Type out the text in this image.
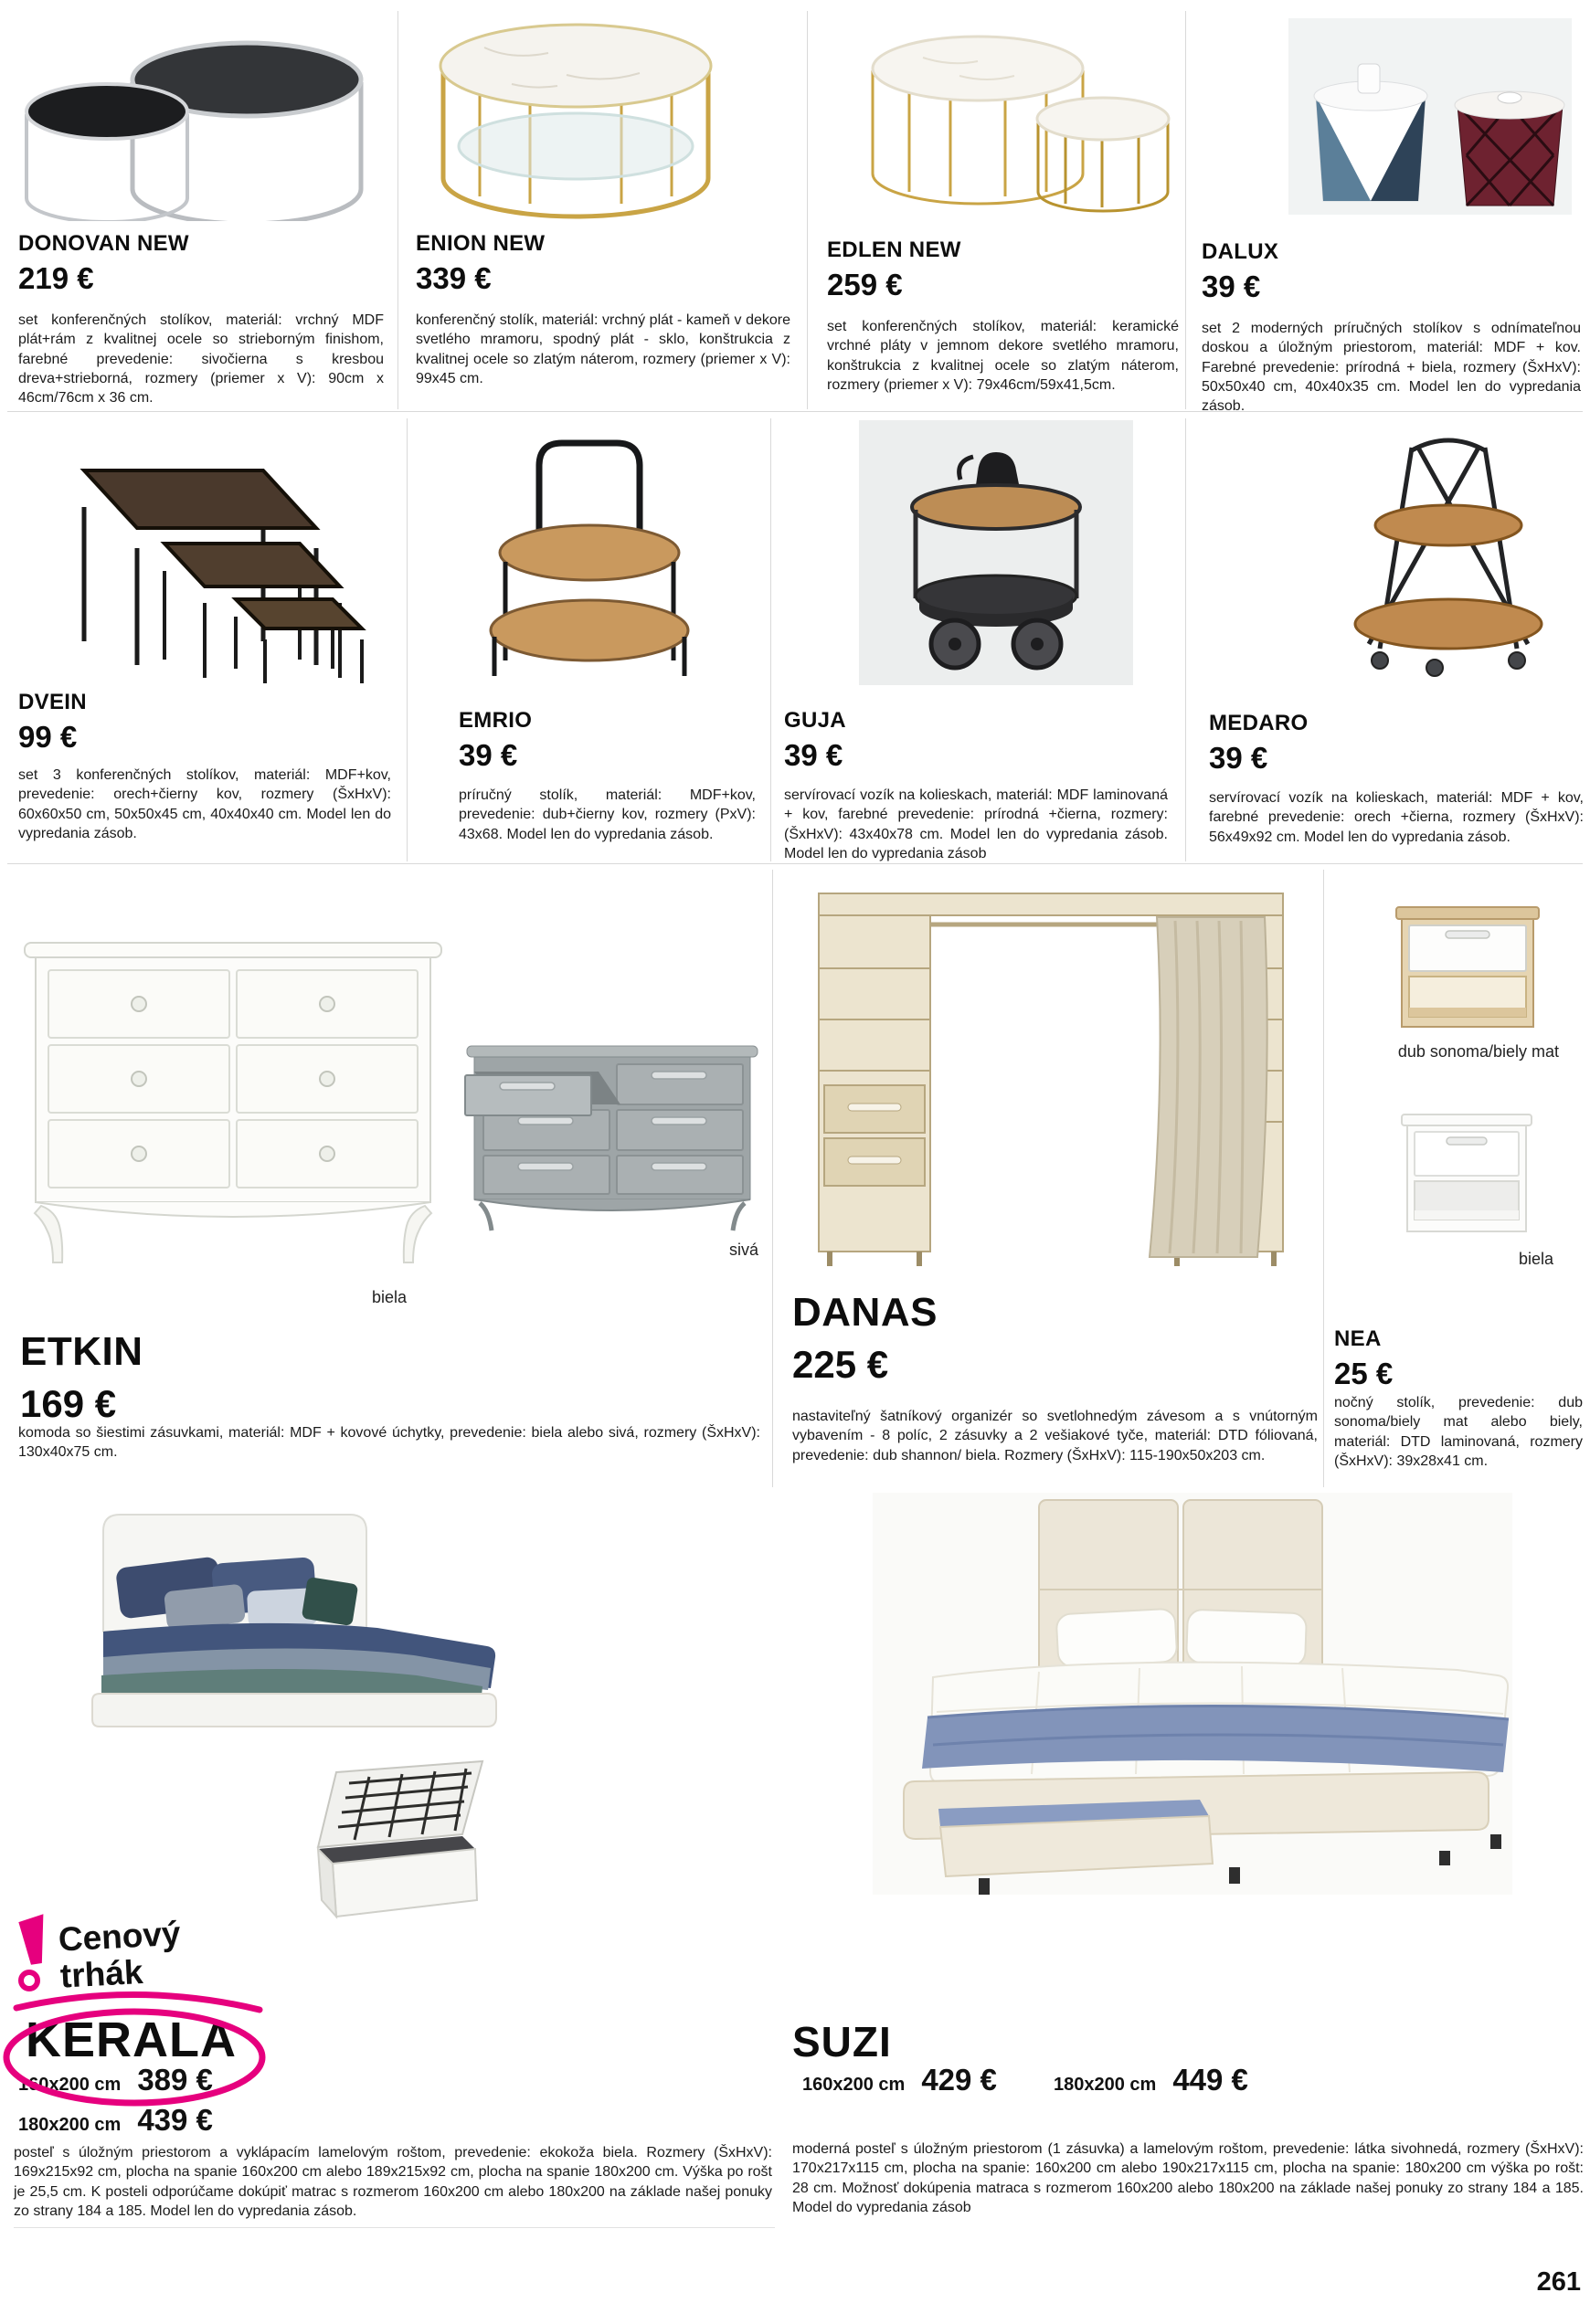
DONOVAN NEW
219 €
set konferenčných stolíkov, materiál: vrchný MDF plát+rám z kvalitnej ocele so strieborným finishom, farebné prevedenie: sivočierna s kresbou dreva+strieborná, rozmery (priemer x V): 90cm x 46cm/76cm x 36 cm.
ENION NEW
339 €
konferenčný stolík, materiál: vrchný plát - kameň v dekore svetlého mramoru, spodný plát - sklo, konštrukcia z kvalitnej ocele so zlatým náterom, rozmery (priemer x V): 99x45 cm.
EDLEN NEW
259 €
set konferenčných stolíkov, materiál: keramické vrchné pláty v jemnom dekore svetlého mramoru, konštrukcia z kvalitnej ocele so zlatým náterom, rozmery (priemer x V): 79x46cm/59x41,5cm.
DALUX
39 €
set 2 moderných príručných stolíkov s odnímateľnou doskou a úložným priestorom, materiál: MDF + kov. Farebné prevedenie: prírodná + biela, rozmery (ŠxHxV): 50x50x40 cm, 40x40x35 cm. Model len do vypredania zásob.
DVEIN
99 €
set 3 konferenčných stolíkov, materiál: MDF+kov, prevedenie: orech+čierny kov, rozmery (ŠxHxV): 60x60x50 cm, 50x50x45 cm, 40x40x40 cm. Model len do vypredania zásob.
EMRIO
39 €
príručný stolík, materiál: MDF+kov, prevedenie: dub+čierny kov, rozmery (PxV): 43x68. Model len do vypredania zásob.
GUJA
39 €
servírovací vozík na kolieskach, materiál: MDF laminovaná + kov, farebné prevedenie: prírodná +čierna, rozmery: (ŠxHxV): 43x40x78 cm. Model len do vypredania zásob. Model len do vypredania zásob
MEDARO
39 €
servírovací vozík na kolieskach, materiál: MDF + kov, farebné prevedenie: orech +čierna, rozmery (ŠxHxV): 56x49x92 cm. Model len do vypredania zásob.
biela
sivá
ETKIN
169 €
komoda so šiestimi zásuvkami, materiál: MDF + kovové úchytky, prevedenie: biela alebo sivá, rozmery (ŠxHxV): 130x40x75 cm.
DANAS
225 €
nastaviteľný šatníkový organizér so svetlohnedým závesom a s vnútorným vybavením - 8 políc, 2 zásuvky a 2 vešiakové tyče, materiál: DTD fóliovaná, prevedenie: dub shannon/ biela. Rozmery (ŠxHxV): 115-190x50x203 cm.
dub sonoma/biely mat
biela
NEA
25 €
nočný stolík, prevedenie: dub sonoma/biely mat alebo biely, materiál: DTD laminovaná, rozmery (ŠxHxV): 39x28x41 cm.
Cenový
trhák
KERALA
160x200 cm 389 €
180x200 cm 439 €
posteľ s úložným priestorom a vyklápacím lamelovým roštom, prevedenie: ekokoža biela. Rozmery (ŠxHxV): 169x215x92 cm, plocha na spanie 160x200 cm alebo 189x215x92 cm, plocha na spanie 180x200 cm. Výška po rošt je 25,5 cm. K posteli odporúčame dokúpiť matrac s rozmerom 160x200 cm alebo 180x200 na základe našej ponuky zo strany 184 a 185. Model len do vypredania zásob.
SUZI
160x200 cm 429 €	180x200 cm 449 €
moderná posteľ s úložným priestorom (1 zásuvka) a lamelovým roštom, prevedenie: látka sivohnedá, rozmery (ŠxHxV): 170x217x115 cm, plocha na spanie: 160x200 cm alebo 190x217x115 cm, plocha na spanie: 180x200 cm výška po rošt: 28 cm. Možnosť dokúpenia matraca s rozmerom 160x200 alebo 180x200 na základe našej ponuky zo strany 184 a 185. Model do vypredania zásob
261
